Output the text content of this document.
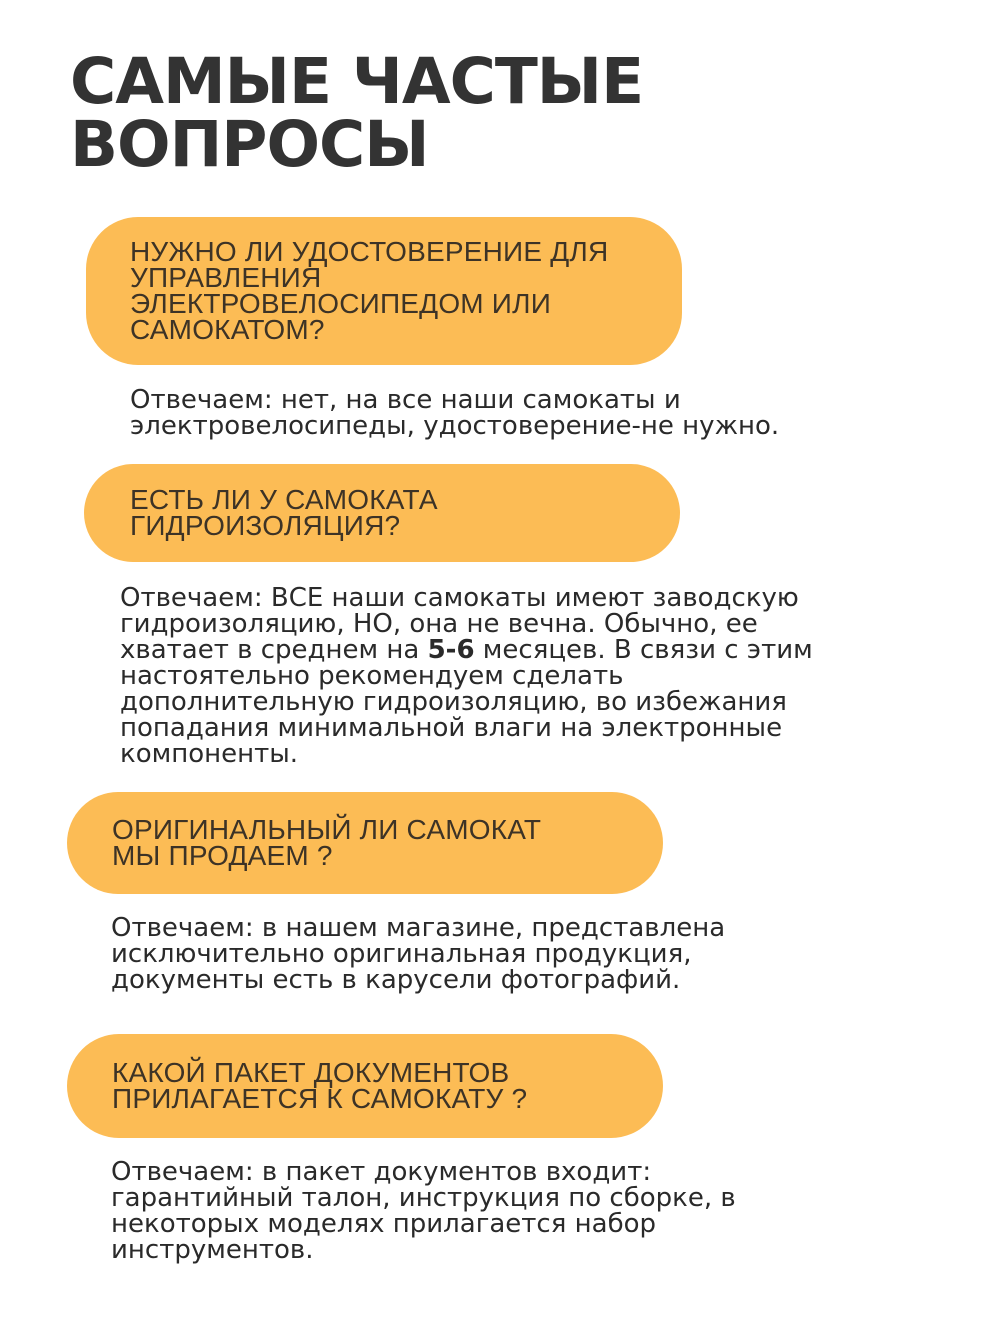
САМЫЕ ЧАСТЫЕ
ВОПРОСЫ
НУЖНО ЛИ УДОСТОВЕРЕНИЕ ДЛЯ
УПРАВЛЕНИЯ
ЭЛЕКТРОВЕЛОСИПЕДОМ ИЛИ
САМОКАТОМ?
Отвечаем: нет, на все наши самокаты и
электровелосипеды, удостоверение-не нужно.
ЕСТЬ ЛИ У САМОКАТА
ГИДРОИЗОЛЯЦИЯ?
Отвечаем: ВСЕ наши самокаты имеют заводскую
гидроизоляцию, НО, она не вечна. Обычно, ее
хватает в среднем на 5-6 месяцев. В связи с этим
настоятельно рекомендуем сделать
дополнительную гидроизоляцию, во избежания
попадания минимальной влаги на электронные
компоненты.
ОРИГИНАЛЬНЫЙ ЛИ САМОКАТ
МЫ ПРОДАЕМ ?
Отвечаем: в нашем магазине, представлена
исключительно оригинальная продукция,
документы есть в карусели фотографий.
КАКОЙ ПАКЕТ ДОКУМЕНТОВ
ПРИЛАГАЕТСЯ К САМОКАТУ ?
Отвечаем: в пакет документов входит:
гарантийный талон, инструкция по сборке, в
некоторых моделях прилагается набор
инструментов.
